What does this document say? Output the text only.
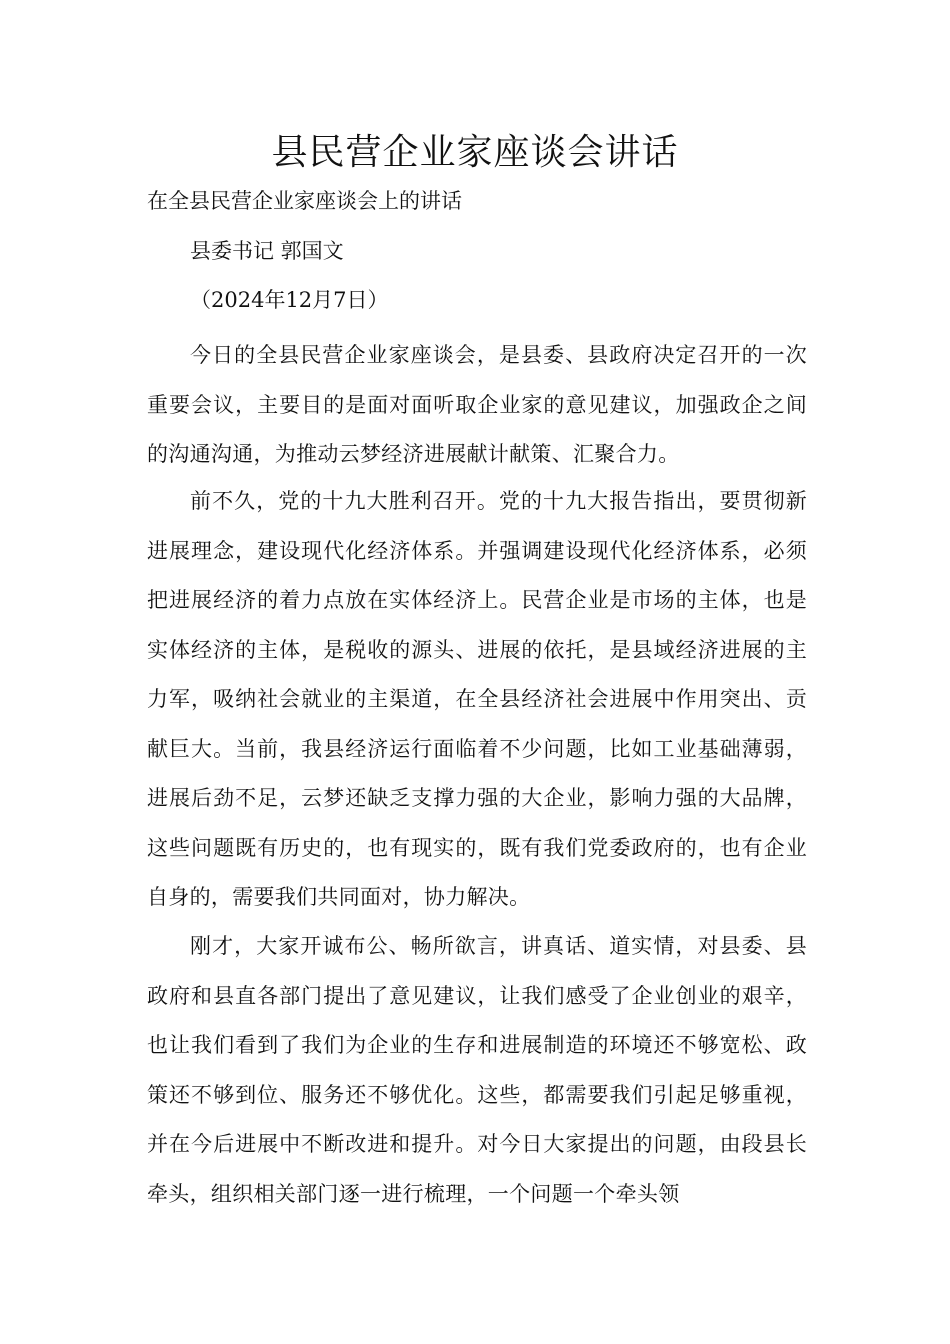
县民营企业家座谈会讲话
在全县民营企业家座谈会上的讲话
县委书记 郭国文
（2024年12月7日）

今日的全县民营企业家座谈会，是县委、县政府决定召开的一次重要会议，主要目的是面对面听取企业家的意见建议，加强政企之间的沟通沟通，为推动云梦经济进展献计献策、汇聚合力。

前不久，党的十九大胜利召开。党的十九大报告指出，要贯彻新进展理念，建设现代化经济体系。并强调建设现代化经济体系，必须把进展经济的着力点放在实体经济上。民营企业是市场的主体，也是实体经济的主体，是税收的源头、进展的依托，是县域经济进展的主力军，吸纳社会就业的主渠道，在全县经济社会进展中作用突出、贡献巨大。当前，我县经济运行面临着不少问题，比如工业基础薄弱，进展后劲不足，云梦还缺乏支撑力强的大企业，影响力强的大品牌，这些问题既有历史的，也有现实的，既有我们党委政府的，也有企业自身的，需要我们共同面对，协力解决。

刚才，大家开诚布公、畅所欲言，讲真话、道实情，对县委、县政府和县直各部门提出了意见建议，让我们感受了企业创业的艰辛，也让我们看到了我们为企业的生存和进展制造的环境还不够宽松、政策还不够到位、服务还不够优化。这些，都需要我们引起足够重视，并在今后进展中不断改进和提升。对今日大家提出的问题，由段县长牵头，组织相关部门逐一进行梳理，一个问题一个牵头领
